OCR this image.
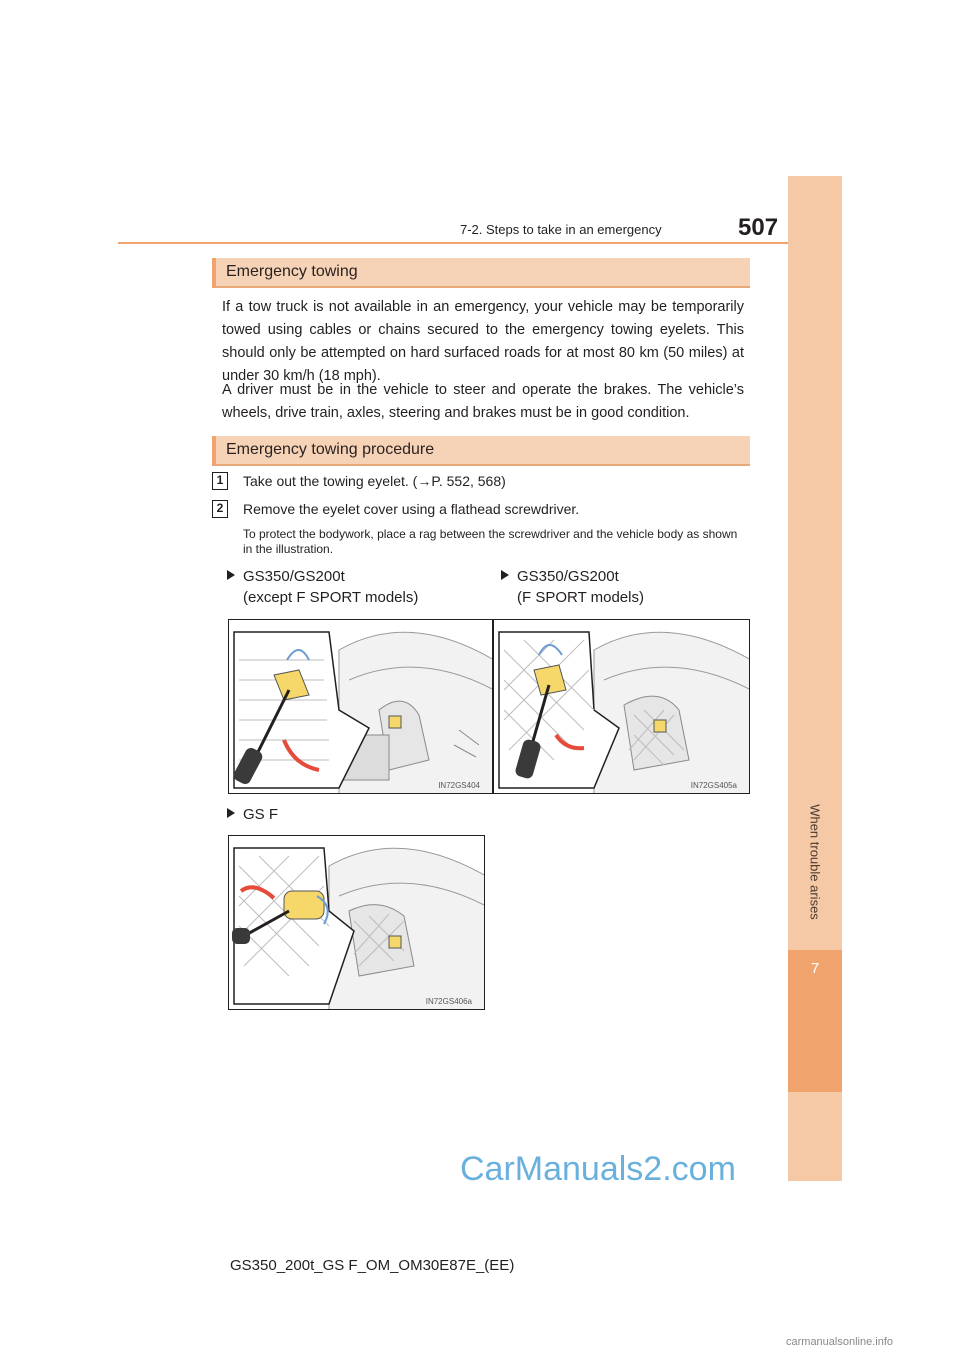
7
When trouble arises
7-2. Steps to take in an emergency	507
Emergency towing
If a tow truck is not available in an emergency, your vehicle may be temporarily towed using cables or chains secured to the emergency towing eyelets. This should only be attempted on hard surfaced roads for at most 80 km (50 miles) at under 30 km/h (18 mph).
A driver must be in the vehicle to steer and operate the brakes. The vehicle’s wheels, drive train, axles, steering and brakes must be in good condition.
Emergency towing procedure
1	Take out the towing eyelet. (→P. 552, 568)
2	Remove the eyelet cover using a flathead screwdriver.
To protect the bodywork, place a rag between the screwdriver and the vehicle body as shown in the illustration.
GS350/GS200t
(except F SPORT models)
GS350/GS200t
(F SPORT models)
IN72GS404	IN72GS405a
GS F
IN72GS406a
GS350_200t_GS F_OM_OM30E87E_(EE)
CarManuals2.com
carmanualsonline.info
